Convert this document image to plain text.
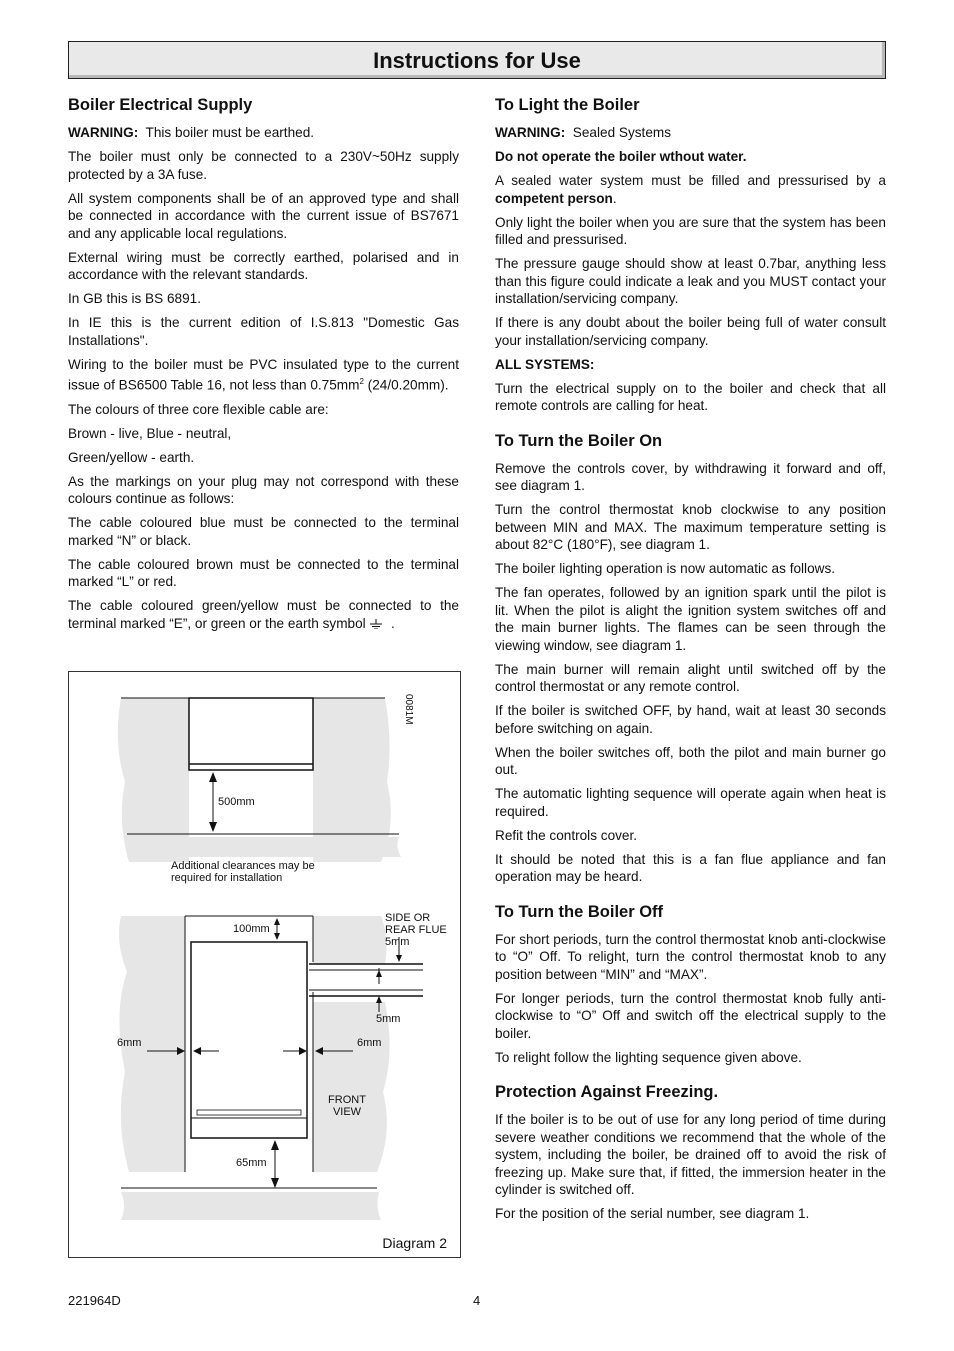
Instructions for Use
Boiler Electrical Supply

WARNING: This boiler must be earthed.

The boiler must only be connected to a 230V~50Hz supply protected by a 3A fuse.

All system components shall be of an approved type and shall be connected in accordance with the current issue of BS7671 and any applicable local regulations.

External wiring must be correctly earthed, polarised and in accordance with the relevant standards.

In GB this is BS 6891.

In IE this is the current edition of I.S.813 "Domestic Gas Installations".

Wiring to the boiler must be PVC insulated type to the current issue of BS6500 Table 16, not less than $0.75mm^2$ (24/0.20mm).

The colours of three core flexible cable are:

Brown - live, Blue - neutral,

Green/yellow - earth.

As the markings on your plug may not correspond with these colours continue as follows:

The cable coloured blue must be connected to the terminal marked “N” or black.

The cable coloured brown must be connected to the terminal marked “L” or red.

The cable coloured green/yellow must be connected to the terminal marked “E”, or green or the earth symbol .

0081M
500mm
Additional clearances may be required for installation
100mm
SIDE OR REAR FLUE 5mm
5mm
6mm	6mm
FRONT VIEW
65mm
Diagram 2
To Light the Boiler

WARNING: Sealed Systems

Do not operate the boiler wthout water.

A sealed water system must be filled and pressurised by a competent person.

Only light the boiler when you are sure that the system has been filled and pressurised.

The pressure gauge should show at least 0.7bar, anything less than this figure could indicate a leak and you MUST contact your installation/servicing company.

If there is any doubt about the boiler being full of water consult your installation/servicing company.

ALL SYSTEMS:

Turn the electrical supply on to the boiler and check that all remote controls are calling for heat.

To Turn the Boiler On

Remove the controls cover, by withdrawing it forward and off, see diagram 1.

Turn the control thermostat knob clockwise to any position between MIN and MAX. The maximum temperature setting is about 82°C (180°F), see diagram 1.

The boiler lighting operation is now automatic as follows.

The fan operates, followed by an ignition spark until the pilot is lit. When the pilot is alight the ignition system switches off and the main burner lights. The flames can be seen through the viewing window, see diagram 1.

The main burner will remain alight until switched off by the control thermostat or any remote control.

If the boiler is switched OFF, by hand, wait at least 30 seconds before switching on again.

When the boiler switches off, both the pilot and main burner go out.

The automatic lighting sequence will operate again when heat is required.

Refit the controls cover.

It should be noted that this is a fan flue appliance and fan operation may be heard.

To Turn the Boiler Off

For short periods, turn the control thermostat knob anti-clockwise to “O” Off. To relight, turn the control thermostat knob to any position between “MIN” and “MAX”.

For longer periods, turn the control thermostat knob fully anti-clockwise to “O” Off and switch off the electrical supply to the boiler.

To relight follow the lighting sequence given above.

Protection Against Freezing.

If the boiler is to be out of use for any long period of time during severe weather conditions we recommend that the whole of the system, including the boiler, be drained off to avoid the risk of freezing up. Make sure that, if fitted, the immersion heater in the cylinder is switched off.

For the position of the serial number, see diagram 1.

221964D	4
